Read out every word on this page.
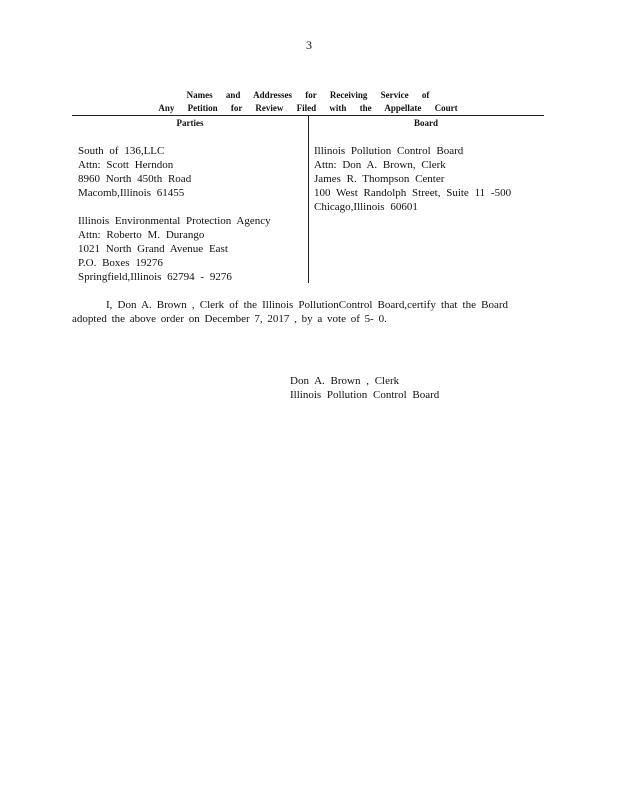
3
Names and Addresses for Receiving Service of
Any Petition for Review Filed with the Appellate Court
Parties	Board
South of 136,LLC
Attn: Scott Herndon
8960 North 450th Road
Macomb,Illinois 61455
Illinois Environmental Protection Agency
Attn: Roberto M. Durango
1021 North Grand Avenue East
P.O. Boxes 19276
Springfield,Illinois 62794 - 9276
Illinois Pollution Control Board
Attn: Don A. Brown, Clerk
James R. Thompson Center
100 West Randolph Street, Suite 11 -500
Chicago,Illinois 60601
I, Don A. Brown , Clerk of the Illinois PollutionControl Board,certify that the Board adopted the above order on December 7, 2017 , by a vote of 5- 0.
Don A. Brown , Clerk
Illinois Pollution Control Board
